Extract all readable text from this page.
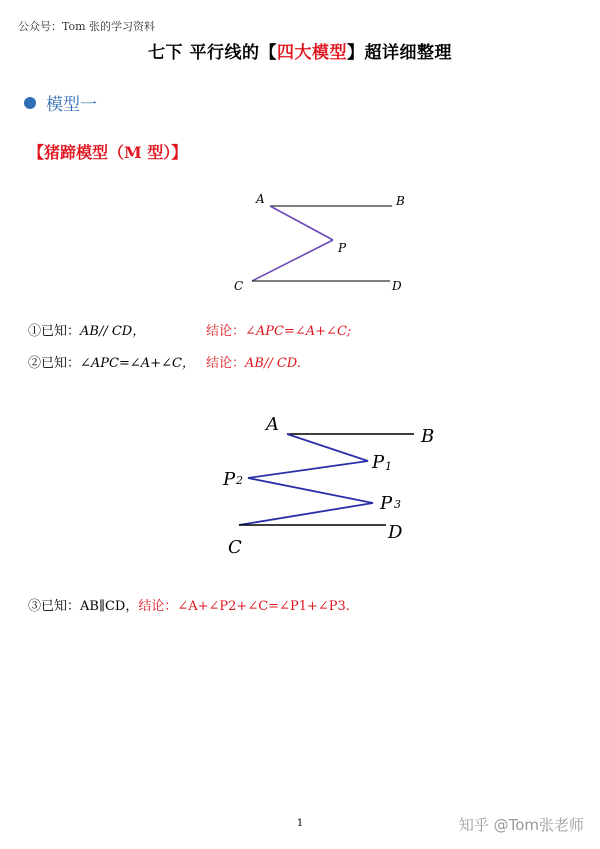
公众号：Tom 张的学习资料
七下 平行线的【四大模型】超详细整理
模型一
【猪蹄模型（M 型）】
A	B
P
C	D
A
B
P 1
P 2
P 3
C
D
①已知：AB// CD，	结论：∠APC=∠A+∠C;
②已知：∠APC=∠A+∠C， 结论：AB// CD.
③已知：AB∥CD，结论：∠A+∠P2+∠C=∠P1+∠P3.
1	知乎 @Tom张老师
